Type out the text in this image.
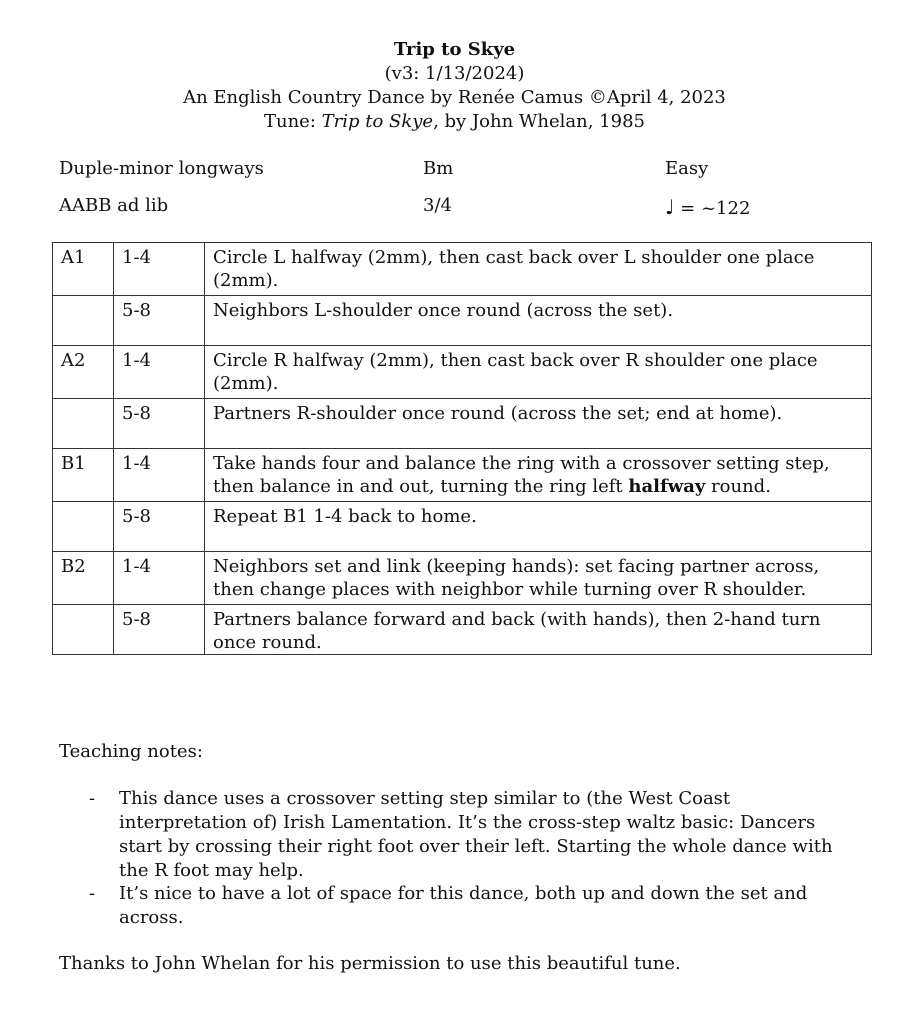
Trip to Skye
(v3: 1/13/2024)
An English Country Dance by Renée Camus ©April 4, 2023
Tune: Trip to Skye, by John Whelan, 1985
Duple-minor longways	Bm	Easy
AABB ad lib	3/4	♩ = ~122
A1	1-4	Circle L halfway (2mm), then cast back over L shoulder one place (2mm).
	5-8	Neighbors L-shoulder once round (across the set).
A2	1-4	Circle R halfway (2mm), then cast back over R shoulder one place (2mm).
	5-8	Partners R-shoulder once round (across the set; end at home).
B1	1-4	Take hands four and balance the ring with a crossover setting step, then balance in and out, turning the ring left halfway round.
	5-8	Repeat B1 1-4 back to home.
B2	1-4	Neighbors set and link (keeping hands): set facing partner across, then change places with neighbor while turning over R shoulder.
	5-8	Partners balance forward and back (with hands), then 2-hand turn once round.
Teaching notes:
- This dance uses a crossover setting step similar to (the West Coast interpretation of) Irish Lamentation. It’s the cross-step waltz basic: Dancers start by crossing their right foot over their left. Starting the whole dance with the R foot may help.
- It’s nice to have a lot of space for this dance, both up and down the set and across.
Thanks to John Whelan for his permission to use this beautiful tune.
